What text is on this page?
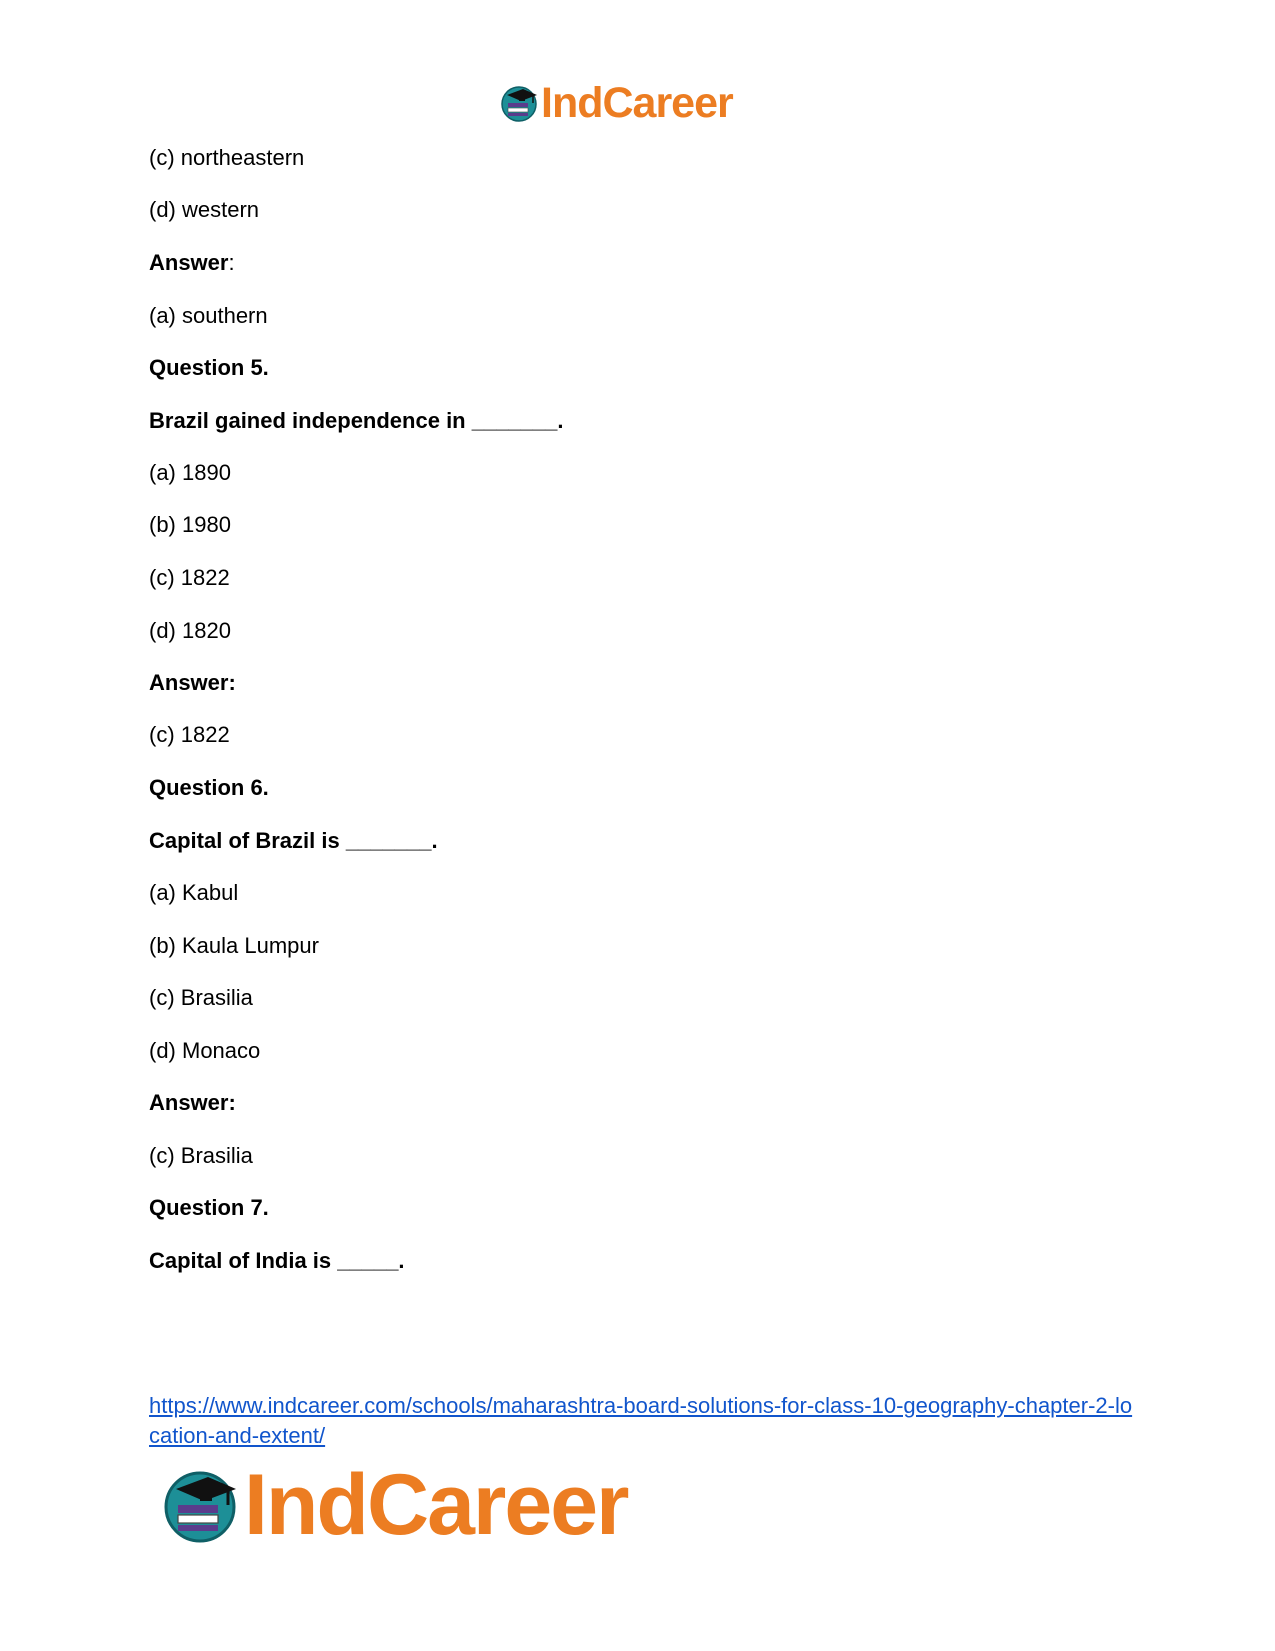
IndCareer
(c) northeastern
(d) western
Answer:
(a) southern
Question 5.
Brazil gained independence in _______.
(a) 1890
(b) 1980
(c) 1822
(d) 1820
Answer:
(c) 1822
Question 6.
Capital of Brazil is _______.
(a) Kabul
(b) Kaula Lumpur
(c) Brasilia
(d) Monaco
Answer:
(c) Brasilia
Question 7.
Capital of India is _____.
https://www.indcareer.com/schools/maharashtra-board-solutions-for-class-10-geography-chapter-2-location-and-extent/
IndCareer
